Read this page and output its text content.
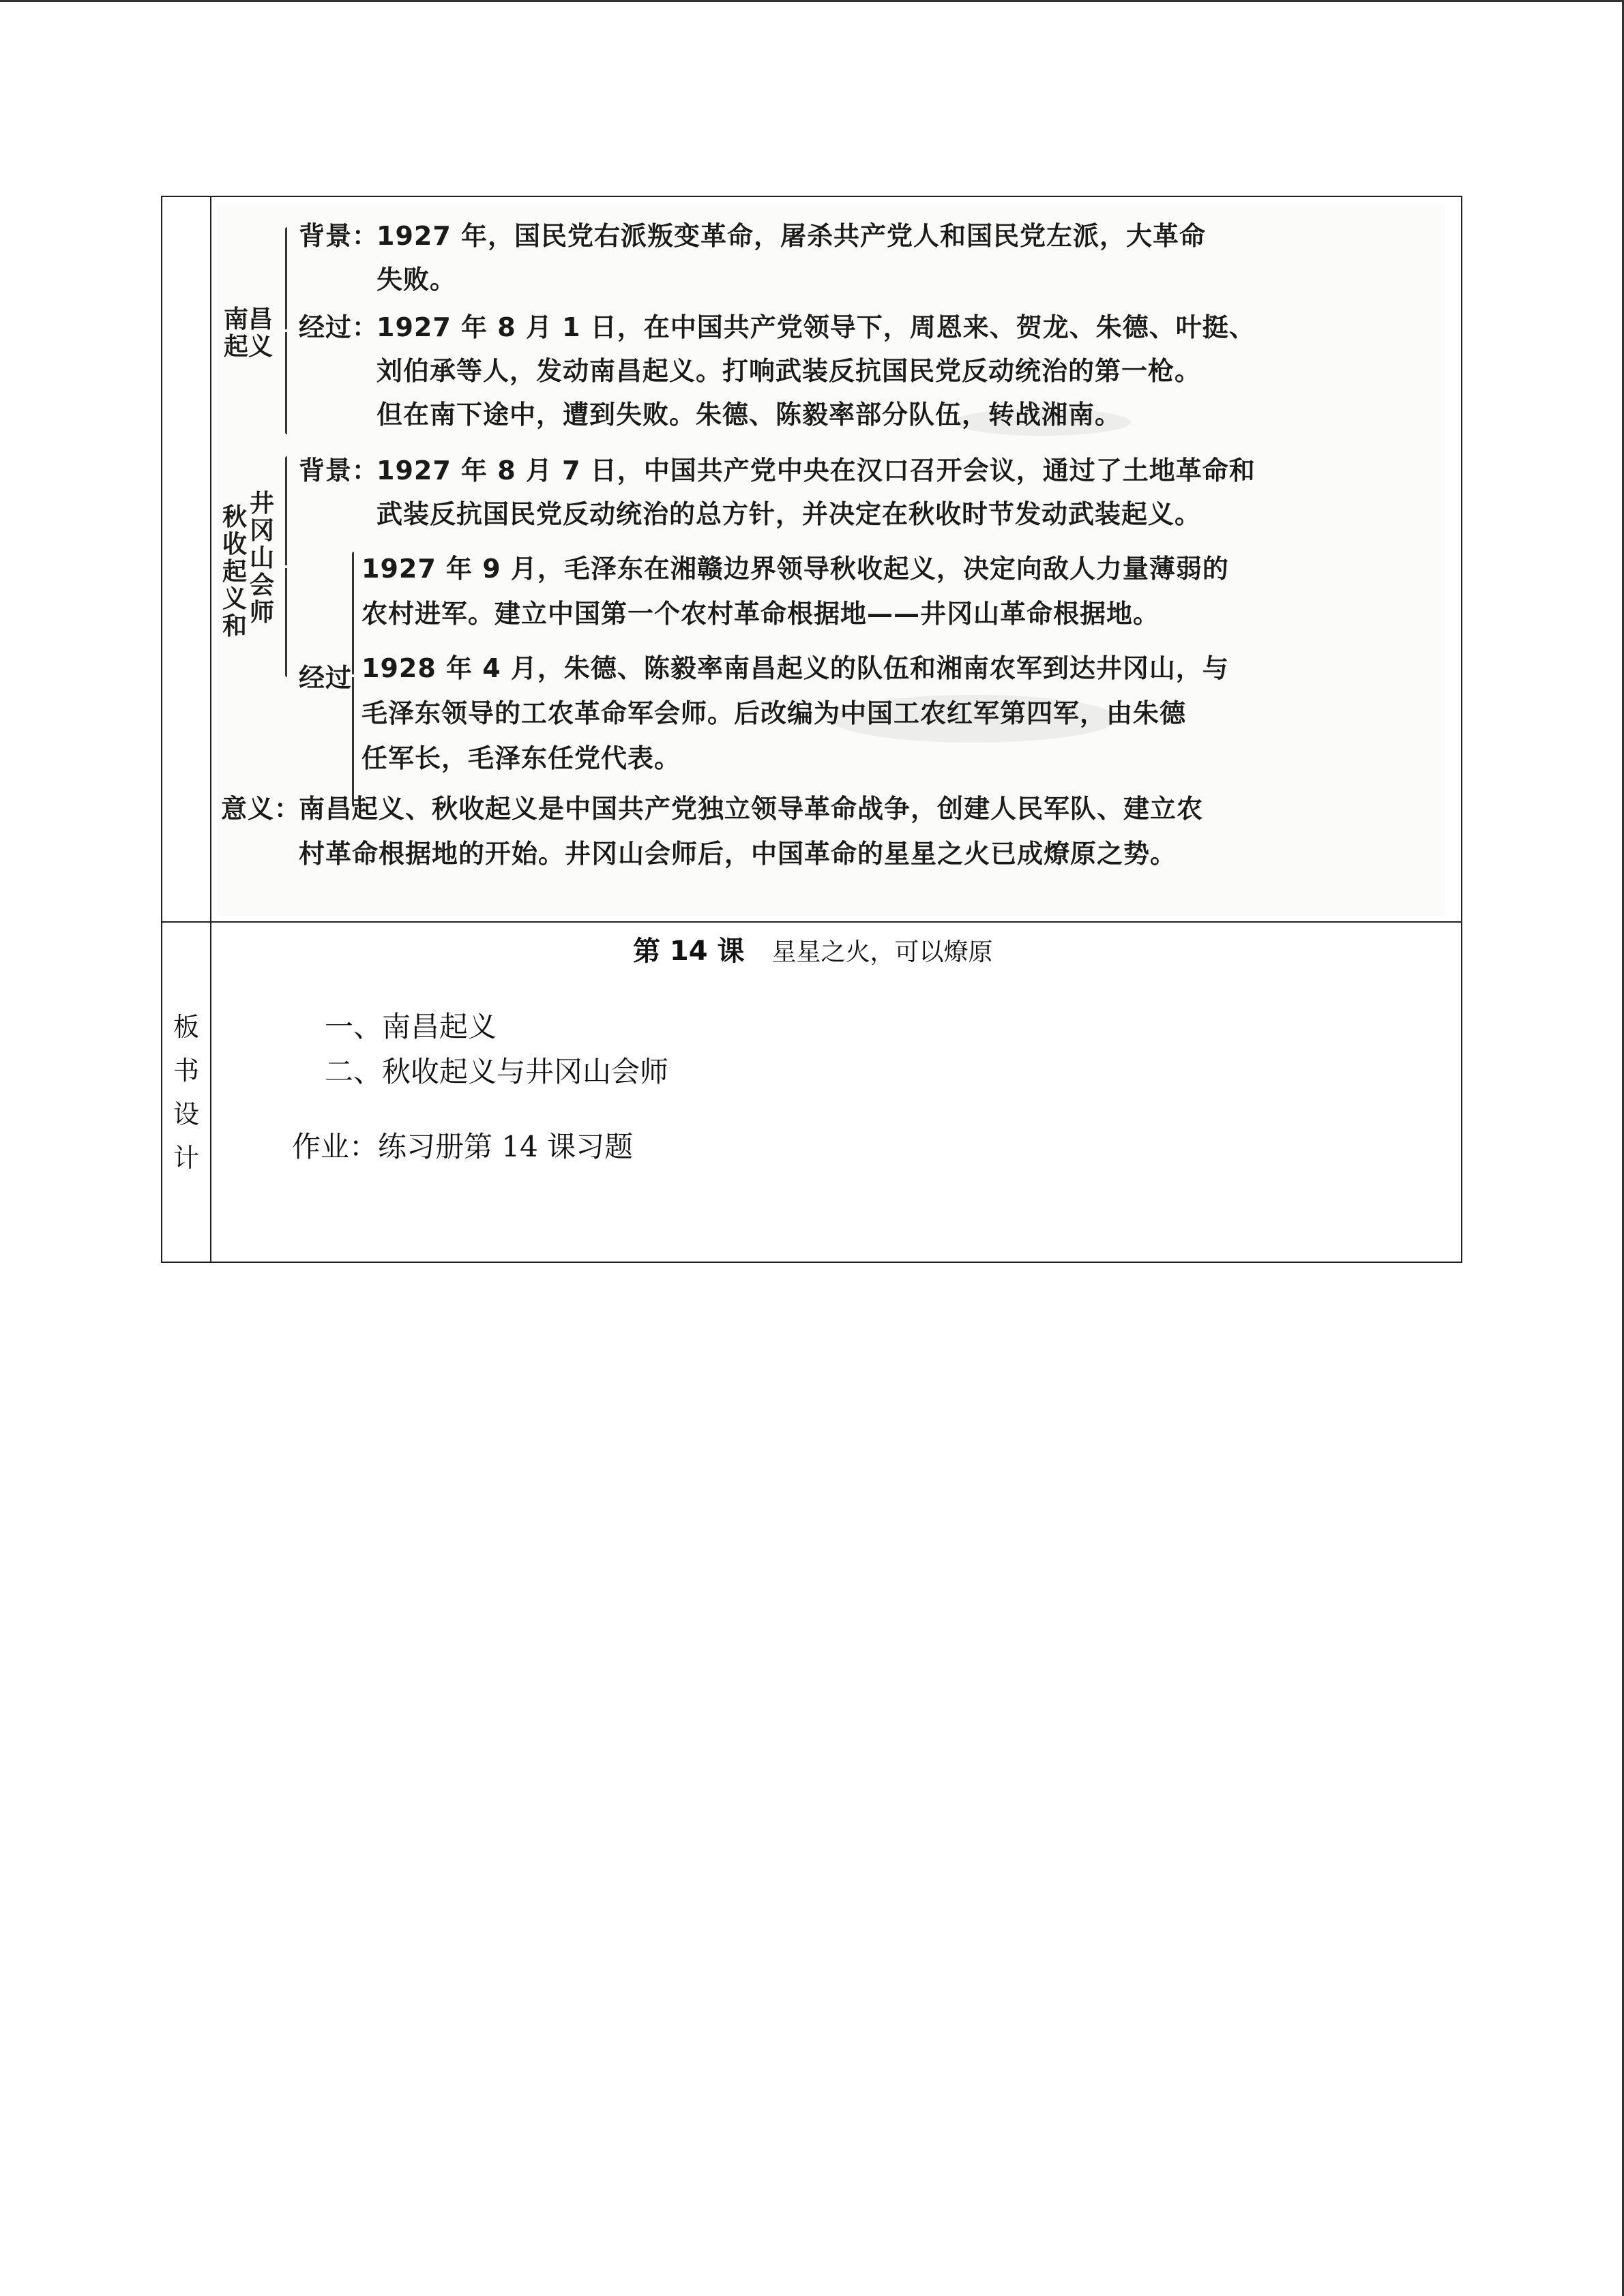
南昌起义
背景：
1927 年，国民党右派叛变革命，屠杀共产党人和国民党左派，大革命
失败。
经过：
1927 年 8 月 1 日，在中国共产党领导下，周恩来、贺龙、朱德、叶挺、
刘伯承等人，发动南昌起义。打响武装反抗国民党反动统治的第一枪。
但在南下途中，遭到失败。朱德、陈毅率部分队伍，转战湘南。
秋收起义和
井冈山会师
背景：
1927 年 8 月 7 日，中国共产党中央在汉口召开会议，通过了土地革命和
武装反抗国民党反动统治的总方针，并决定在秋收时节发动武装起义。
经过
1927 年 9 月，毛泽东在湘赣边界领导秋收起义，决定向敌人力量薄弱的
农村进军。建立中国第一个农村革命根据地——井冈山革命根据地。
1928 年 4 月，朱德、陈毅率南昌起义的队伍和湘南农军到达井冈山，与
毛泽东领导的工农革命军会师。后改编为中国工农红军第四军，由朱德
任军长，毛泽东任党代表。
意义：
南昌起义、秋收起义是中国共产党独立领导革命战争，创建人民军队、建立农
村革命根据地的开始。井冈山会师后，中国革命的星星之火已成燎原之势。
板书设计
第 14 课 星星之火，可以燎原
一、南昌起义
二、秋收起义与井冈山会师
作业：练习册第 14 课习题
